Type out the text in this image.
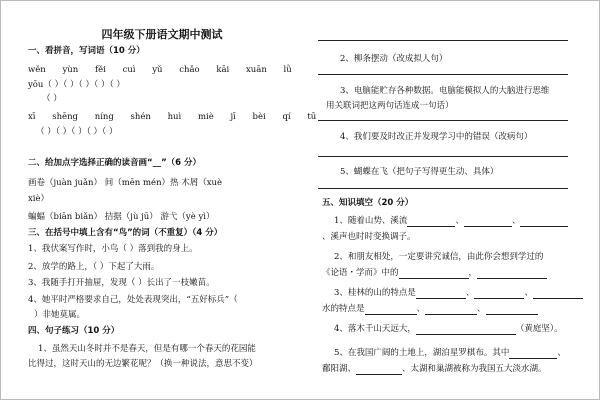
四年级下册语文期中测试
一、看拼音，写词语（10 分）
wěn yùn fěi cuì yǔ chǎo kāi xuān lǜ
yōu（ ）（ ）（ ）（ ）（ ）
（ ）
xī shēng níng shén huì miè jī bèi qí tū
（ ）（ ）（ ）（ ）（ ）
二、给加点字选择正确的读音画“__”（6 分）
画卷（juàn juǎn） 间（mēn mén）热 木屑（xuè
xiè）
蝙蝠（biān biǎn） 拮据（jù jū） 游弋（yè yì）
三、在括号中填上含有“鸟”的词（不重复）（4 分）
1、我伏案写作时，小鸟（ ）落到我的身上。
2、放学的路上，（ ）下起了大雨。
3、我随手打开抽屉，发现（ ）长出了一枝嫩苗。
4、她平时严格要求自己，处处表现突出，“五好标兵”（
）非她莫属。
四、句子练习（10 分）
1、虽然天山冬时并不是春天，但是有哪一个春天的花园能
比得过，这时天山的无边繁花呢？（换一种说法，意思不变）
2、柳条摆动（改成拟人句）
3、电脑能贮存各种数据。电脑能模拟人的大脑进行思维
用关联词把这两句话连成一句话）
4、我们要及时改正并发现学习中的错误（改病句）
5、蝴蝶在飞（把句子写得更生动、具体）
五、知识填空（20 分）
1、随着山势、溪流	、	、
、溪声也时时变换调子。
2、和朋友相处，一定要讲究诚信，由此你会想到学过的
《论语・学而》中的	，
3、桂林的山的特点是	、	、
水的特点是	、	、
4、落木千山天远大，	（黄庭坚）。
5、在我国广阔的土地上，湖泊星罗棋布。其中	、
鄱阳湖、	、太湖和巢湖被称为我国五大淡水湖。
